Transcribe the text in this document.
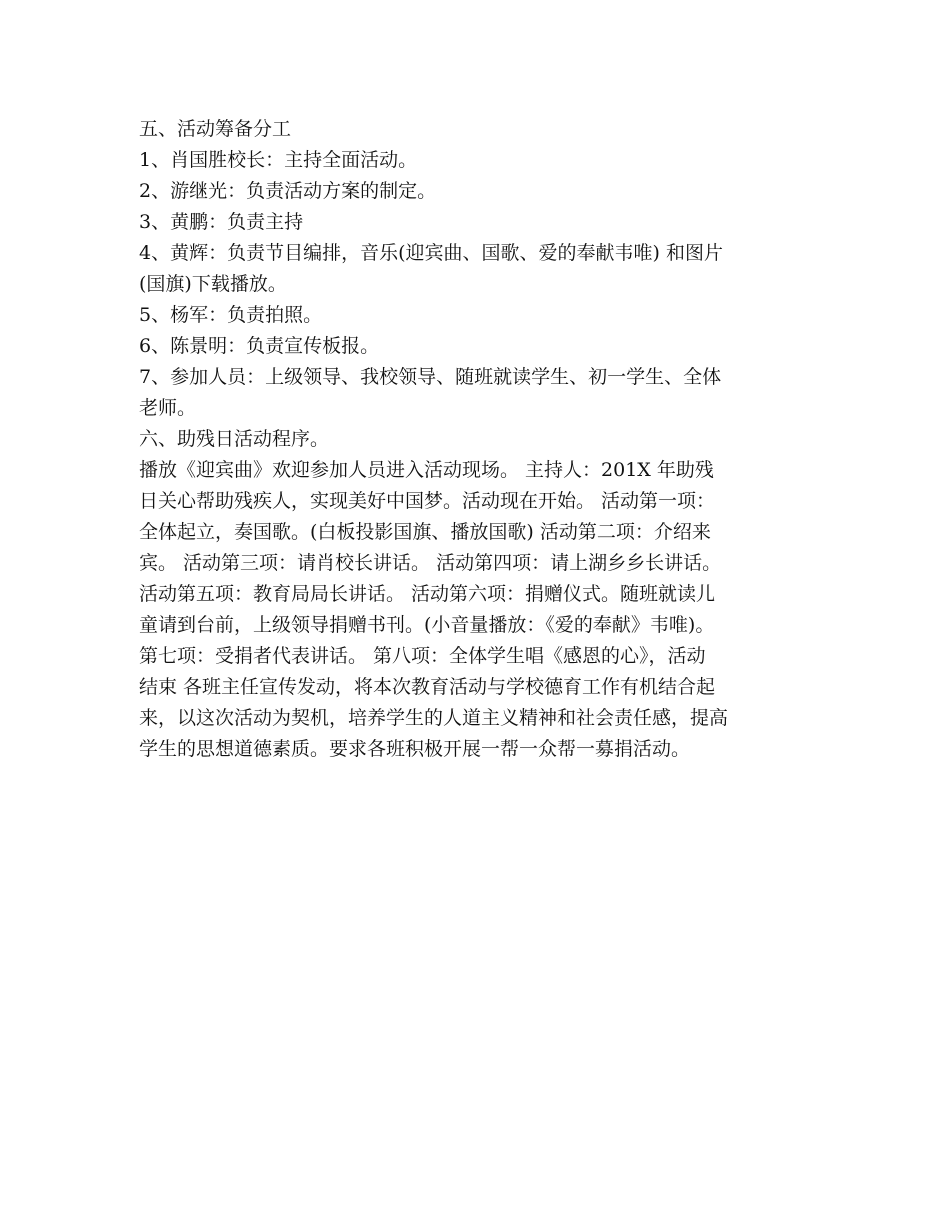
五、活动筹备分工
1、肖国胜校长：主持全面活动。
2、游继光：负责活动方案的制定。
3、黄鹏：负责主持
4、黄辉：负责节目编排，音乐(迎宾曲、国歌、爱的奉献韦唯) 和图片
(国旗)下载播放。
5、杨军：负责拍照。
6、陈景明：负责宣传板报。
7、参加人员：上级领导、我校领导、随班就读学生、初一学生、全体
老师。
六、助残日活动程序。
播放《迎宾曲》欢迎参加人员进入活动现场。 主持人：201X 年助残
日关心帮助残疾人，实现美好中国梦。活动现在开始。 活动第一项：
全体起立，奏国歌。(白板投影国旗、播放国歌) 活动第二项：介绍来
宾。 活动第三项：请肖校长讲话。 活动第四项：请上湖乡乡长讲话。
活动第五项：教育局局长讲话。 活动第六项：捐赠仪式。随班就读儿
童请到台前，上级领导捐赠书刊。(小音量播放：《爱的奉献》韦唯)。
第七项：受捐者代表讲话。 第八项：全体学生唱《感恩的心》，活动
结束 各班主任宣传发动，将本次教育活动与学校德育工作有机结合起
来，以这次活动为契机，培养学生的人道主义精神和社会责任感，提高
学生的思想道德素质。要求各班积极开展一帮一众帮一募捐活动。
